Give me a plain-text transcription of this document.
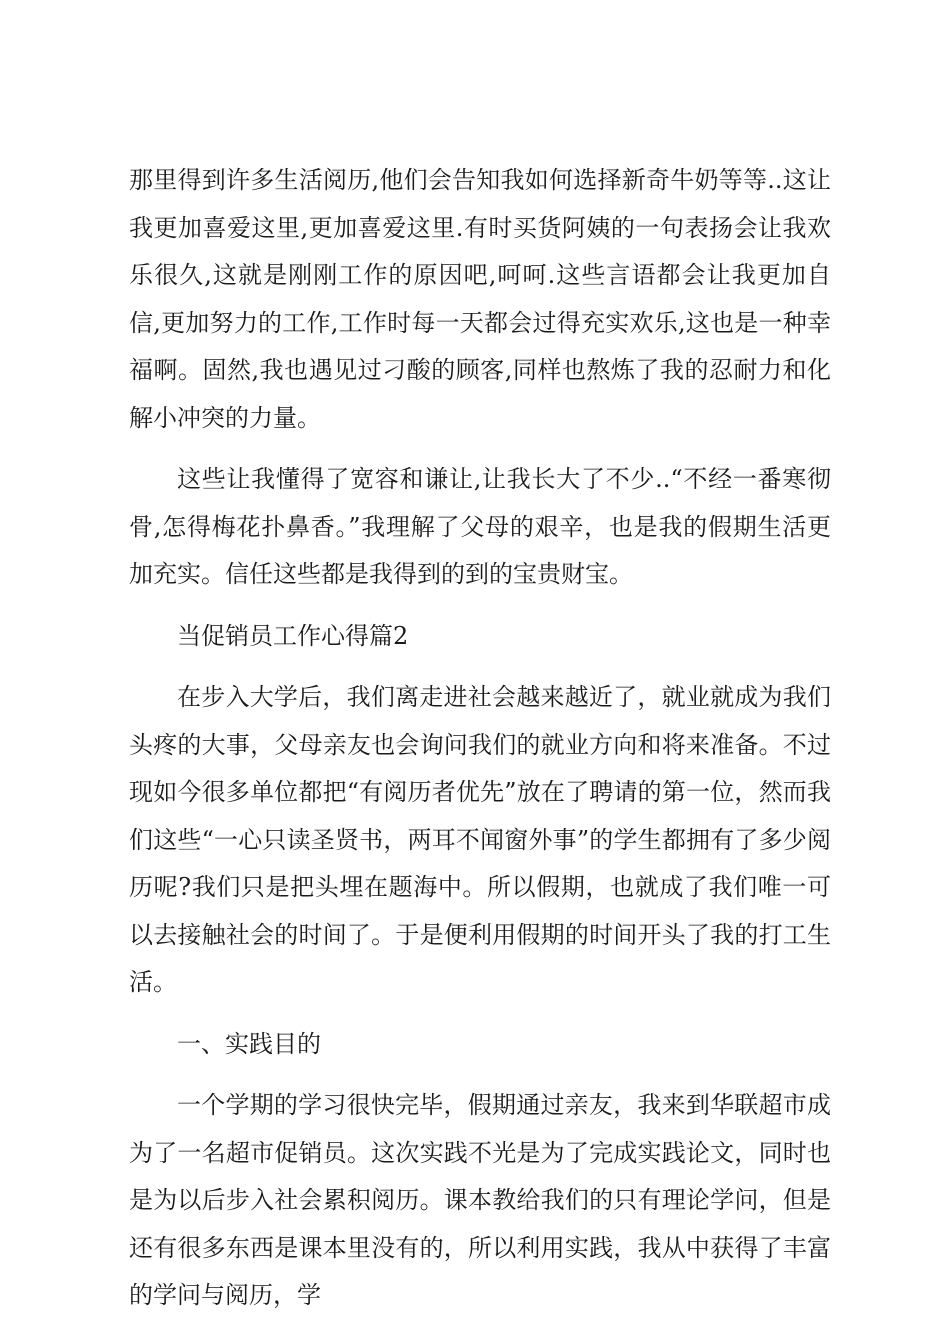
那里得到许多生活阅历,他们会告知我如何选择新奇牛奶等等..这让我更加喜爱这里,更加喜爱这里.有时买货阿姨的一句表扬会让我欢乐很久,这就是刚刚工作的原因吧,呵呵.这些言语都会让我更加自信,更加努力的工作,工作时每一天都会过得充实欢乐,这也是一种幸福啊。固然,我也遇见过刁酸的顾客,同样也熬炼了我的忍耐力和化解小冲突的力量。

这些让我懂得了宽容和谦让,让我长大了不少..“不经一番寒彻骨,怎得梅花扑鼻香。”我理解了父母的艰辛，也是我的假期生活更加充实。信任这些都是我得到的到的宝贵财宝。

当促销员工作心得篇2

在步入大学后，我们离走进社会越来越近了，就业就成为我们头疼的大事，父母亲友也会询问我们的就业方向和将来准备。不过现如今很多单位都把“有阅历者优先”放在了聘请的第一位，然而我们这些“一心只读圣贤书，两耳不闻窗外事”的学生都拥有了多少阅历呢?我们只是把头埋在题海中。所以假期，也就成了我们唯一可以去接触社会的时间了。于是便利用假期的时间开头了我的打工生活。

一、实践目的

一个学期的学习很快完毕，假期通过亲友，我来到华联超市成为了一名超市促销员。这次实践不光是为了完成实践论文，同时也是为以后步入社会累积阅历。课本教给我们的只有理论学问，但是还有很多东西是课本里没有的，所以利用实践，我从中获得了丰富的学问与阅历，学
